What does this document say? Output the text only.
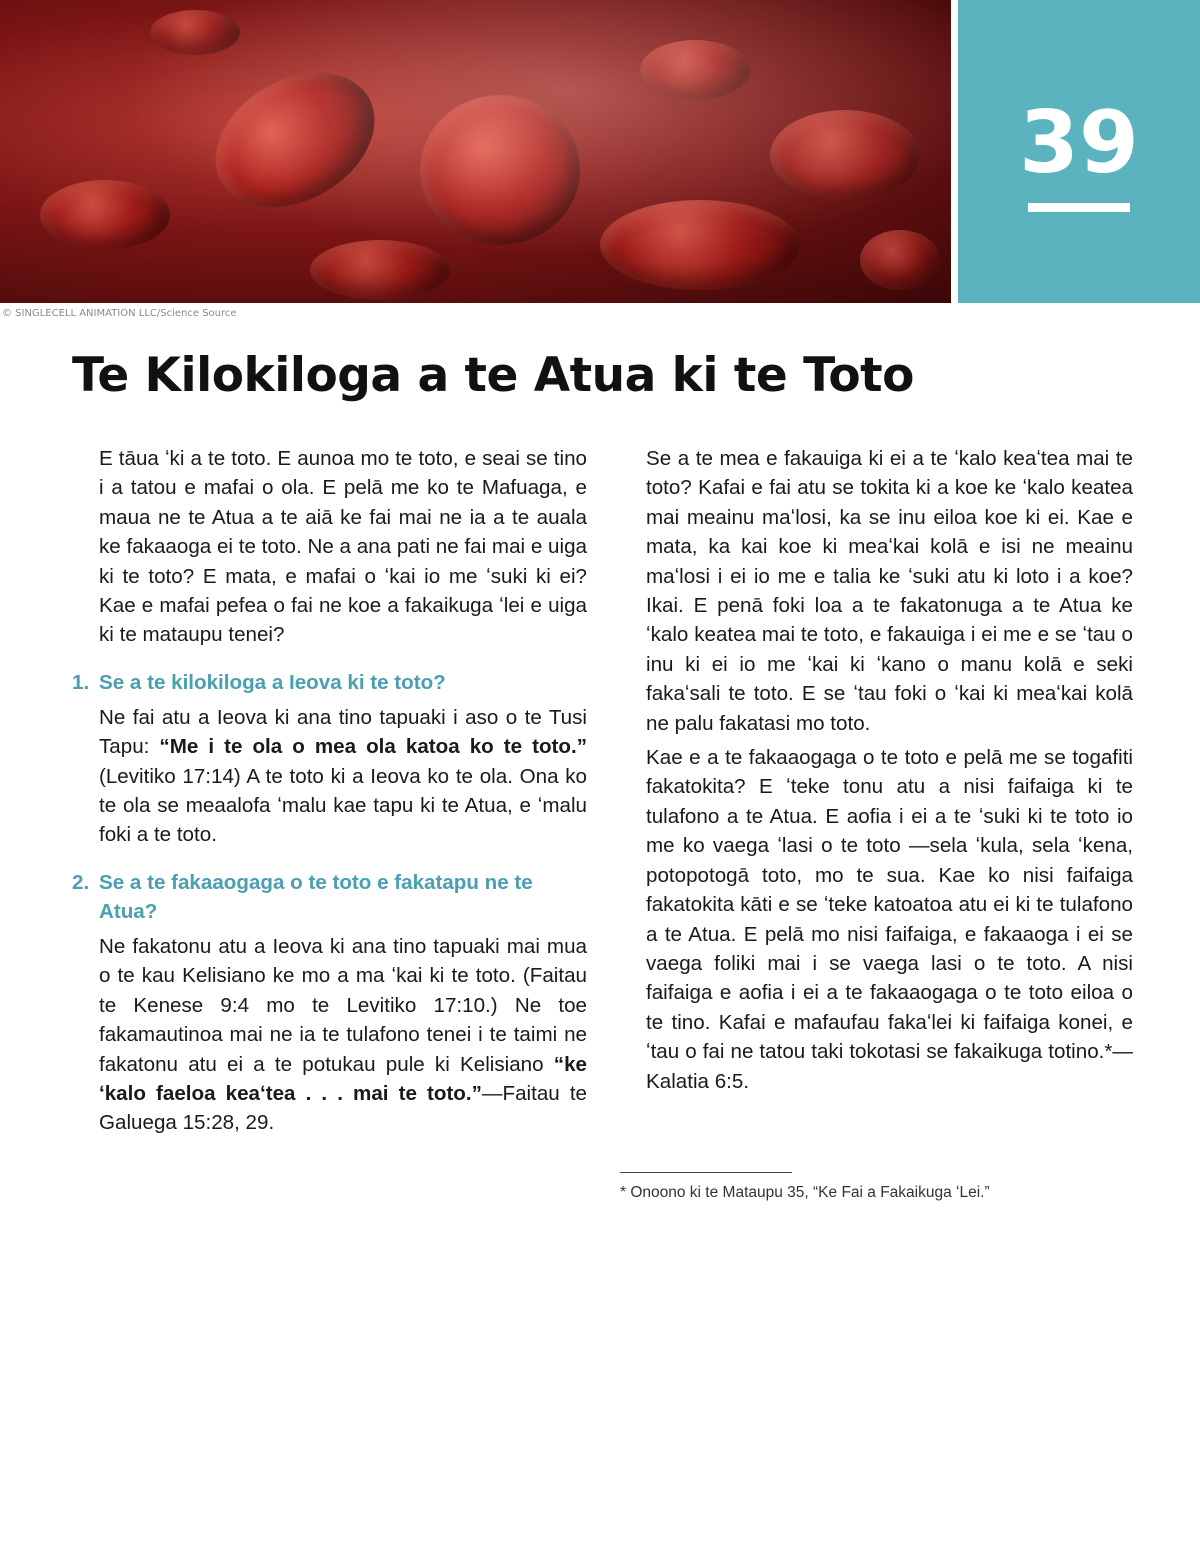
© SINGLECELL ANIMATION LLC/Science Source
39
Te Kilokiloga a te Atua ki te Toto

E tāua ʻki a te toto. E aunoa mo te toto, e seai se tino i a tatou e mafai o ola. E pelā me ko te Mafuaga, e maua ne te Atua a te aiā ke fai mai ne ia a te auala ke fakaaoga ei te toto. Ne a ana pati ne fai mai e uiga ki te toto? E mata, e mafai o ʻkai io me ʻsuki ki ei? Kae e mafai pefea o fai ne koe a fakaikuga ʻlei e uiga ki te mataupu tenei?

1. Se a te kilokiloga a Ieova ki te toto?

Ne fai atu a Ieova ki ana tino tapuaki i aso o te Tusi Tapu: “Me i te ola o mea ola katoa ko te toto.” (Levitiko 17:14) A te toto ki a Ieova ko te ola. Ona ko te ola se meaalofa ʻmalu kae tapu ki te Atua, e ʻmalu foki a te toto.

2. Se a te fakaaogaga o te toto e fakatapu ne te Atua?

Ne fakatonu atu a Ieova ki ana tino tapuaki mai mua o te kau Kelisiano ke mo a ma ʻkai ki te toto. (Faitau te Kenese 9:4 mo te Levitiko 17:10.) Ne toe fakamautinoa mai ne ia te tulafono tenei i te taimi ne fakatonu atu ei a te potukau pule ki Kelisiano “ke ʻkalo faeloa keaʻtea . . . mai te toto.”—Faitau te Galuega 15:28, 29.

Se a te mea e fakauiga ki ei a te ʻkalo keaʻtea mai te toto? Kafai e fai atu se tokita ki a koe ke ʻkalo keatea mai meainu maʻlosi, ka se inu eiloa koe ki ei. Kae e mata, ka kai koe ki meaʻkai kolā e isi ne meainu maʻlosi i ei io me e talia ke ʻsuki atu ki loto i a koe? Ikai. E penā foki loa a te fakatonuga a te Atua ke ʻkalo keatea mai te toto, e fakauiga i ei me e se ʻtau o inu ki ei io me ʻkai ki ʻkano o manu kolā e seki fakaʻsali te toto. E se ʻtau foki o ʻkai ki meaʻkai kolā ne palu fakatasi mo toto.

Kae e a te fakaaogaga o te toto e pelā me se togafiti fakatokita? E ʻteke tonu atu a nisi faifaiga ki te tulafono a te Atua. E aofia i ei a te ʻsuki ki te toto io me ko vaega ʻlasi o te toto —sela ʻkula, sela ʻkena, potopotogā toto, mo te sua. Kae ko nisi faifaiga fakatokita kāti e se ʻteke katoatoa atu ei ki te tulafono a te Atua. E pelā mo nisi faifaiga, e fakaaoga i ei se vaega foliki mai i se vaega lasi o te toto. A nisi faifaiga e aofia i ei a te fakaaogaga o te toto eiloa o te tino. Kafai e mafaufau fakaʻlei ki faifaiga konei, e ʻtau o fai ne tatou taki tokotasi se fakaikuga totino.*—Kalatia 6:5.

* Onoono ki te Mataupu 35, “Ke Fai a Fakaikuga ʻLei.”
